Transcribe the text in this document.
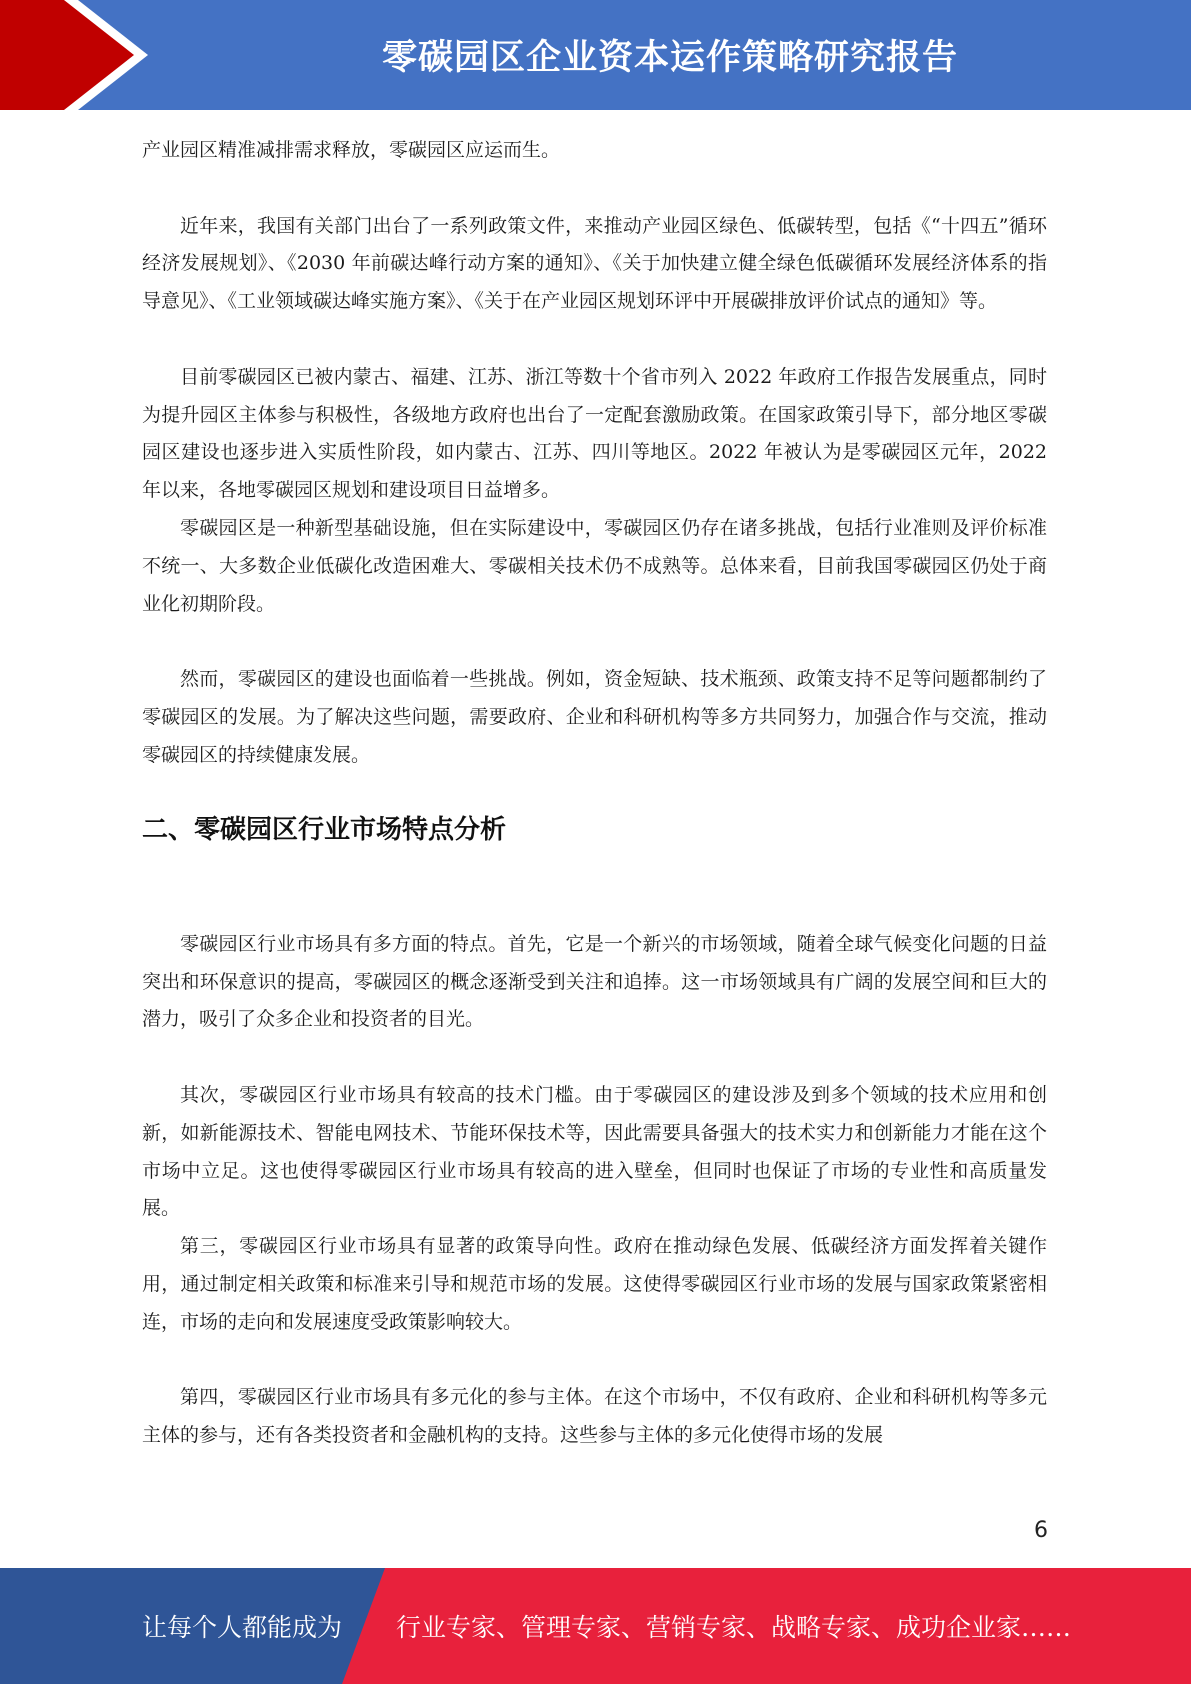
零碳园区企业资本运作策略研究报告

产业园区精准减排需求释放，零碳园区应运而生。

近年来，我国有关部门出台了一系列政策文件，来推动产业园区绿色、低碳转型，包括《“十四五”循环经济发展规划》、《2030 年前碳达峰行动方案的通知》、《关于加快建立健全绿色低碳循环发展经济体系的指导意见》、《工业领域碳达峰实施方案》、《关于在产业园区规划环评中开展碳排放评价试点的通知》等。

目前零碳园区已被内蒙古、福建、江苏、浙江等数十个省市列入 2022 年政府工作报告发展重点，同时为提升园区主体参与积极性，各级地方政府也出台了一定配套激励政策。在国家政策引导下，部分地区零碳园区建设也逐步进入实质性阶段，如内蒙古、江苏、四川等地区。2022 年被认为是零碳园区元年，2022 年以来，各地零碳园区规划和建设项目日益增多。

零碳园区是一种新型基础设施，但在实际建设中，零碳园区仍存在诸多挑战，包括行业准则及评价标准不统一、大多数企业低碳化改造困难大、零碳相关技术仍不成熟等。总体来看，目前我国零碳园区仍处于商业化初期阶段。

然而，零碳园区的建设也面临着一些挑战。例如，资金短缺、技术瓶颈、政策支持不足等问题都制约了零碳园区的发展。为了解决这些问题，需要政府、企业和科研机构等多方共同努力，加强合作与交流，推动零碳园区的持续健康发展。

二、零碳园区行业市场特点分析

零碳园区行业市场具有多方面的特点。首先，它是一个新兴的市场领域，随着全球气候变化问题的日益突出和环保意识的提高，零碳园区的概念逐渐受到关注和追捧。这一市场领域具有广阔的发展空间和巨大的潜力，吸引了众多企业和投资者的目光。

其次，零碳园区行业市场具有较高的技术门槛。由于零碳园区的建设涉及到多个领域的技术应用和创新，如新能源技术、智能电网技术、节能环保技术等，因此需要具备强大的技术实力和创新能力才能在这个市场中立足。这也使得零碳园区行业市场具有较高的进入壁垒，但同时也保证了市场的专业性和高质量发展。

第三，零碳园区行业市场具有显著的政策导向性。政府在推动绿色发展、低碳经济方面发挥着关键作用，通过制定相关政策和标准来引导和规范市场的发展。这使得零碳园区行业市场的发展与国家政策紧密相连，市场的走向和发展速度受政策影响较大。

第四，零碳园区行业市场具有多元化的参与主体。在这个市场中，不仅有政府、企业和科研机构等多元主体的参与，还有各类投资者和金融机构的支持。这些参与主体的多元化使得市场的发展

6
让每个人都能成为 行业专家、管理专家、营销专家、战略专家、成功企业家……
